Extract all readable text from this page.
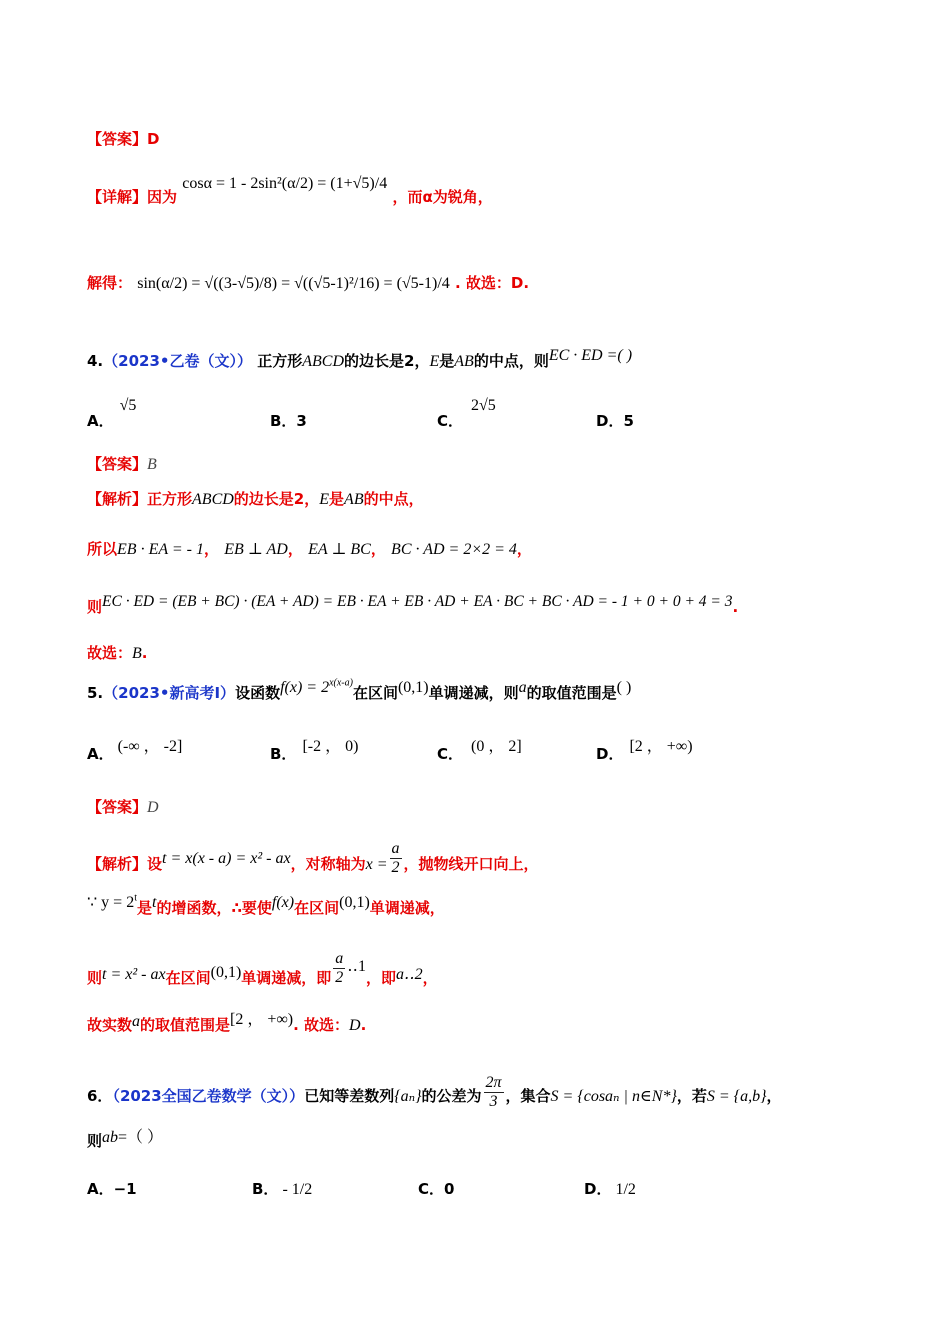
【答案】D
【详解】因为 cosα = 1 - 2sin²(α/2) = (1+√5)/4 ，而α为锐角，
解得： sin(α/2) = √((3-√5)/8) = √((√5-1)²/16) = (√5-1)/4 . 故选：D.
4.（2023•乙卷（文）） 正方形ABCD的边长是2，E是AB的中点，则EC · ED =( )
A．√5
B．3	C．2√5
D．5
【答案】B
【解析】正方形ABCD的边长是2，E是AB的中点，
所以EB · EA = - 1， EB ⊥ AD， EA ⊥ BC， BC · AD = 2×2 = 4，
则EC · ED = (EB + BC) · (EA + AD) = EB · EA + EB · AD + EA · BC + BC · AD = - 1 + 0 + 0 + 4 = 3.
故选：B.
5.（2023•新高考Ⅰ）设函数$f(x) = 2^{x(x-a)}$在区间(0,1)单调递减，则a的取值范围是( )
A． (-∞ ， -2]	B． [-2 ， 0)	C． (0 ， 2]	D． [2 ， +∞)
【答案】D
【解析】设t = x(x - a) = x² - ax，对称轴为$x = \frac{a}{2}$ ，抛物线开口向上，
∵ $y = 2^t$是t的增函数，∴要使f(x)在区间(0,1)单调递减，
则t = x² - ax在区间(0,1)单调递减，即 $\frac{a}{2}$ ‥1，即a‥2，
故实数a的取值范围是[2 ， +∞). 故选：D.
6．（2023全国乙卷数学（文））已知等差数列{aₙ}的公差为 $\frac{2\pi}{3}$ ，集合S = {cosaₙ | n∈N*}，若S = {a,b}，
则ab=（ ）
A．−1	B． - 1/2	C．0	D． 1/2
